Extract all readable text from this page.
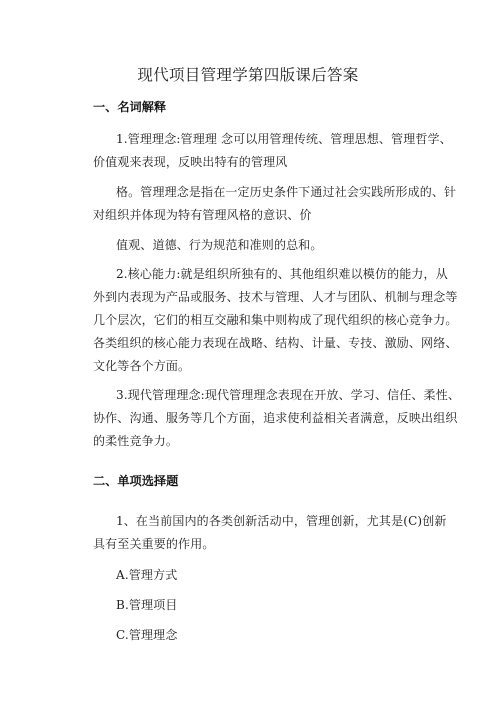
现代项目管理学第四版课后答案
一、名词解释
1.管理理念:管理理 念可以用管理传统、管理思想、管理哲学、
价值观来表现，反映出特有的管理风
格。管理理念是指在一定历史条件下通过社会实践所形成的、针
对组织并体现为特有管理风格的意识、价
值观、道德、行为规范和准则的总和。
2.核心能力:就是组织所独有的、其他组织难以模仿的能力，从
外到内表现为产品或服务、技术与管理、人才与团队、机制与理念等
几个层次，它们的相互交融和集中则构成了现代组织的核心竞争力。
各类组织的核心能力表现在战略、结构、计量、专技、激励、网络、
文化等各个方面。
3.现代管理理念:现代管理理念表现在开放、学习、信任、柔性、
协作、沟通、服务等几个方面，追求使利益相关者满意，反映出组织
的柔性竞争力。
二、单项选择题
1、在当前国内的各类创新活动中，管理创新，尤其是(C)创新
具有至关重要的作用。
A.管理方式
B.管理项目
C.管理理念
